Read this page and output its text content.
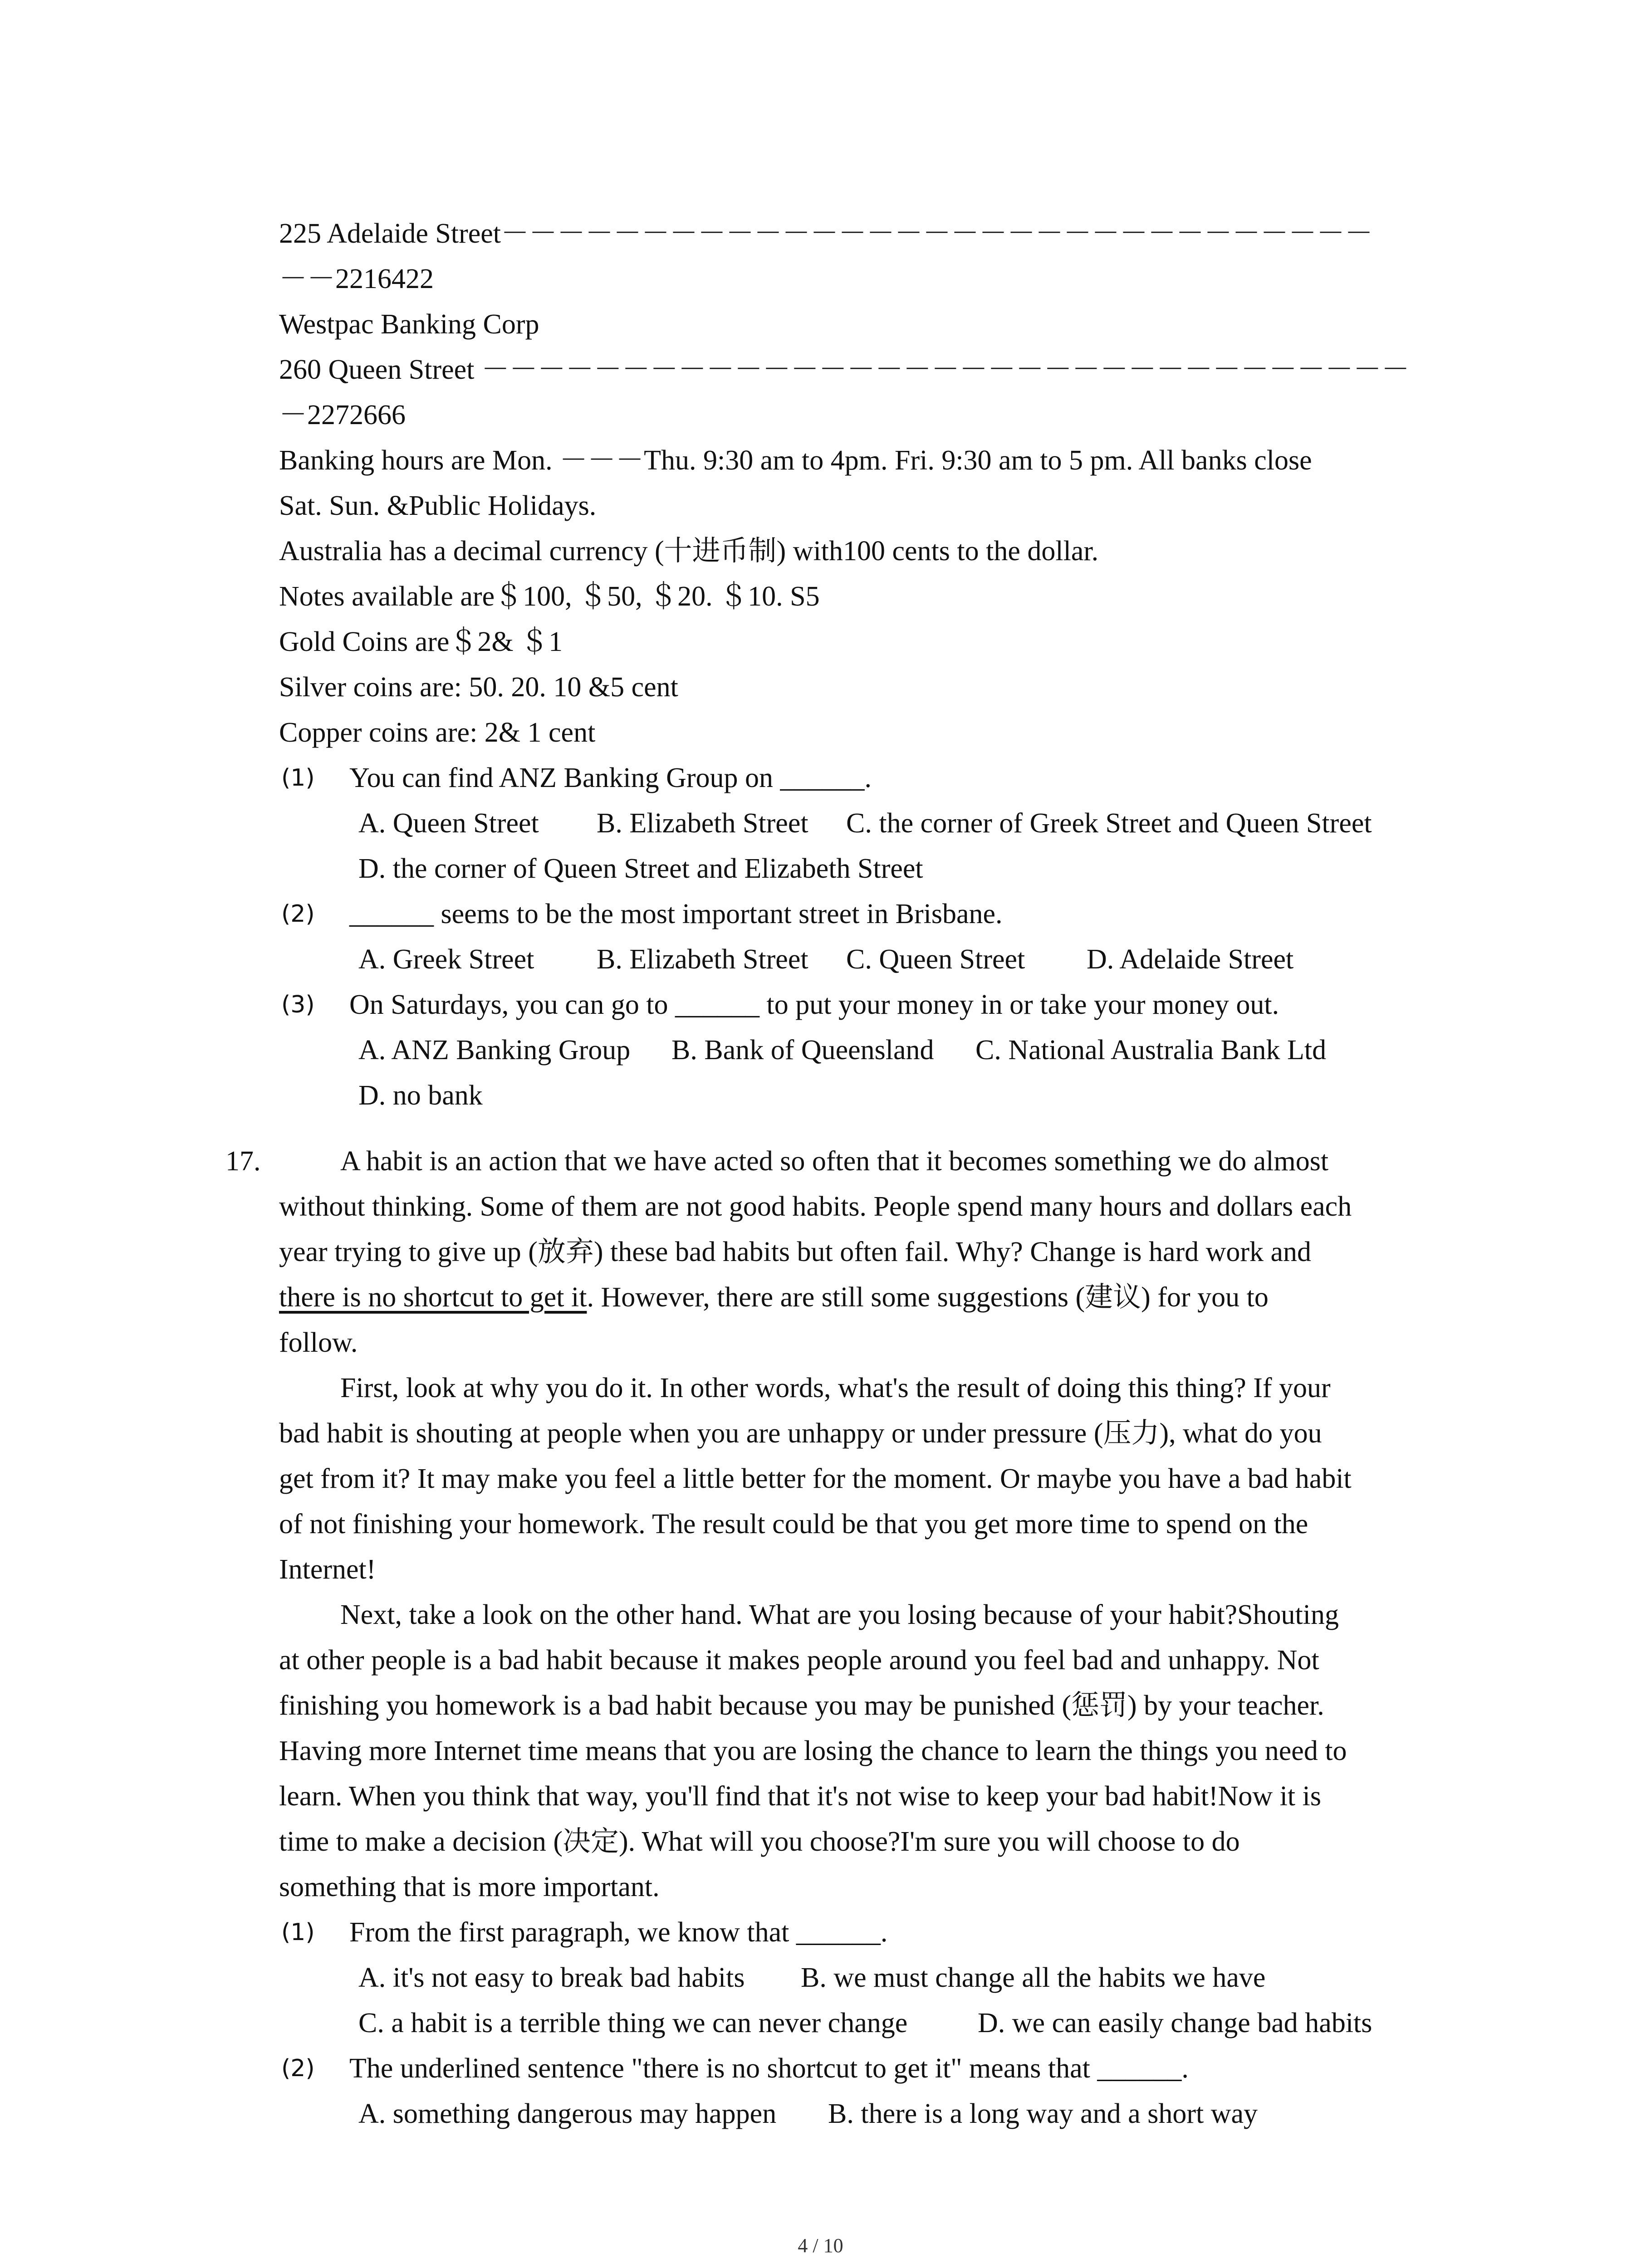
225 Adelaide Street－－－－－－－－－－－－－－－－－－－－－－－－－－－－－－－
－－2216422
Westpac Banking Corp
260 Queen Street －－－－－－－－－－－－－－－－－－－－－－－－－－－－－－－－－
－2272666
Banking hours are Mon. －－－Thu. 9:30 am to 4pm. Fri. 9:30 am to 5 pm. All banks close
Sat. Sun. &Public Holidays.
Australia has a decimal currency (十进币制) with100 cents to the dollar.
Notes available are＄100, ＄50, ＄20. ＄10. S5
Gold Coins are＄2& ＄1
Silver coins are: 50. 20. 10 &5 cent
Copper coins are: 2& 1 cent
(1) You can find ANZ Banking Group on ______.
A. Queen Street B. Elizabeth Street C. the corner of Greek Street and Queen Street
D. the corner of Queen Street and Elizabeth Street
(2) ______ seems to be the most important street in Brisbane.
A. Greek Street B. Elizabeth Street C. Queen Street D. Adelaide Street
(3) On Saturdays, you can go to ______ to put your money in or take your money out.
A. ANZ Banking Group B. Bank of Queensland C. National Australia Bank Ltd
D. no bank
17.	A habit is an action that we have acted so often that it becomes something we do almost
without thinking. Some of them are not good habits. People spend many hours and dollars each
year trying to give up (放弃) these bad habits but often fail. Why? Change is hard work and
there is no shortcut to get it. However, there are still some suggestions (建议) for you to
follow.
First, look at why you do it. In other words, what's the result of doing this thing? If your
bad habit is shouting at people when you are unhappy or under pressure (压力), what do you
get from it? It may make you feel a little better for the moment. Or maybe you have a bad habit
of not finishing your homework. The result could be that you get more time to spend on the
Internet!
Next, take a look on the other hand. What are you losing because of your habit?Shouting
at other people is a bad habit because it makes people around you feel bad and unhappy. Not
finishing you homework is a bad habit because you may be punished (惩罚) by your teacher.
Having more Internet time means that you are losing the chance to learn the things you need to
learn. When you think that way, you'll find that it's not wise to keep your bad habit!Now it is
time to make a decision (决定). What will you choose?I'm sure you will choose to do
something that is more important.
(1) From the first paragraph, we know that ______.
A. it's not easy to break bad habits B. we must change all the habits we have
C. a habit is a terrible thing we can never change D. we can easily change bad habits
(2) The underlined sentence "there is no shortcut to get it" means that ______.
A. something dangerous may happen B. there is a long way and a short way
4 / 10
